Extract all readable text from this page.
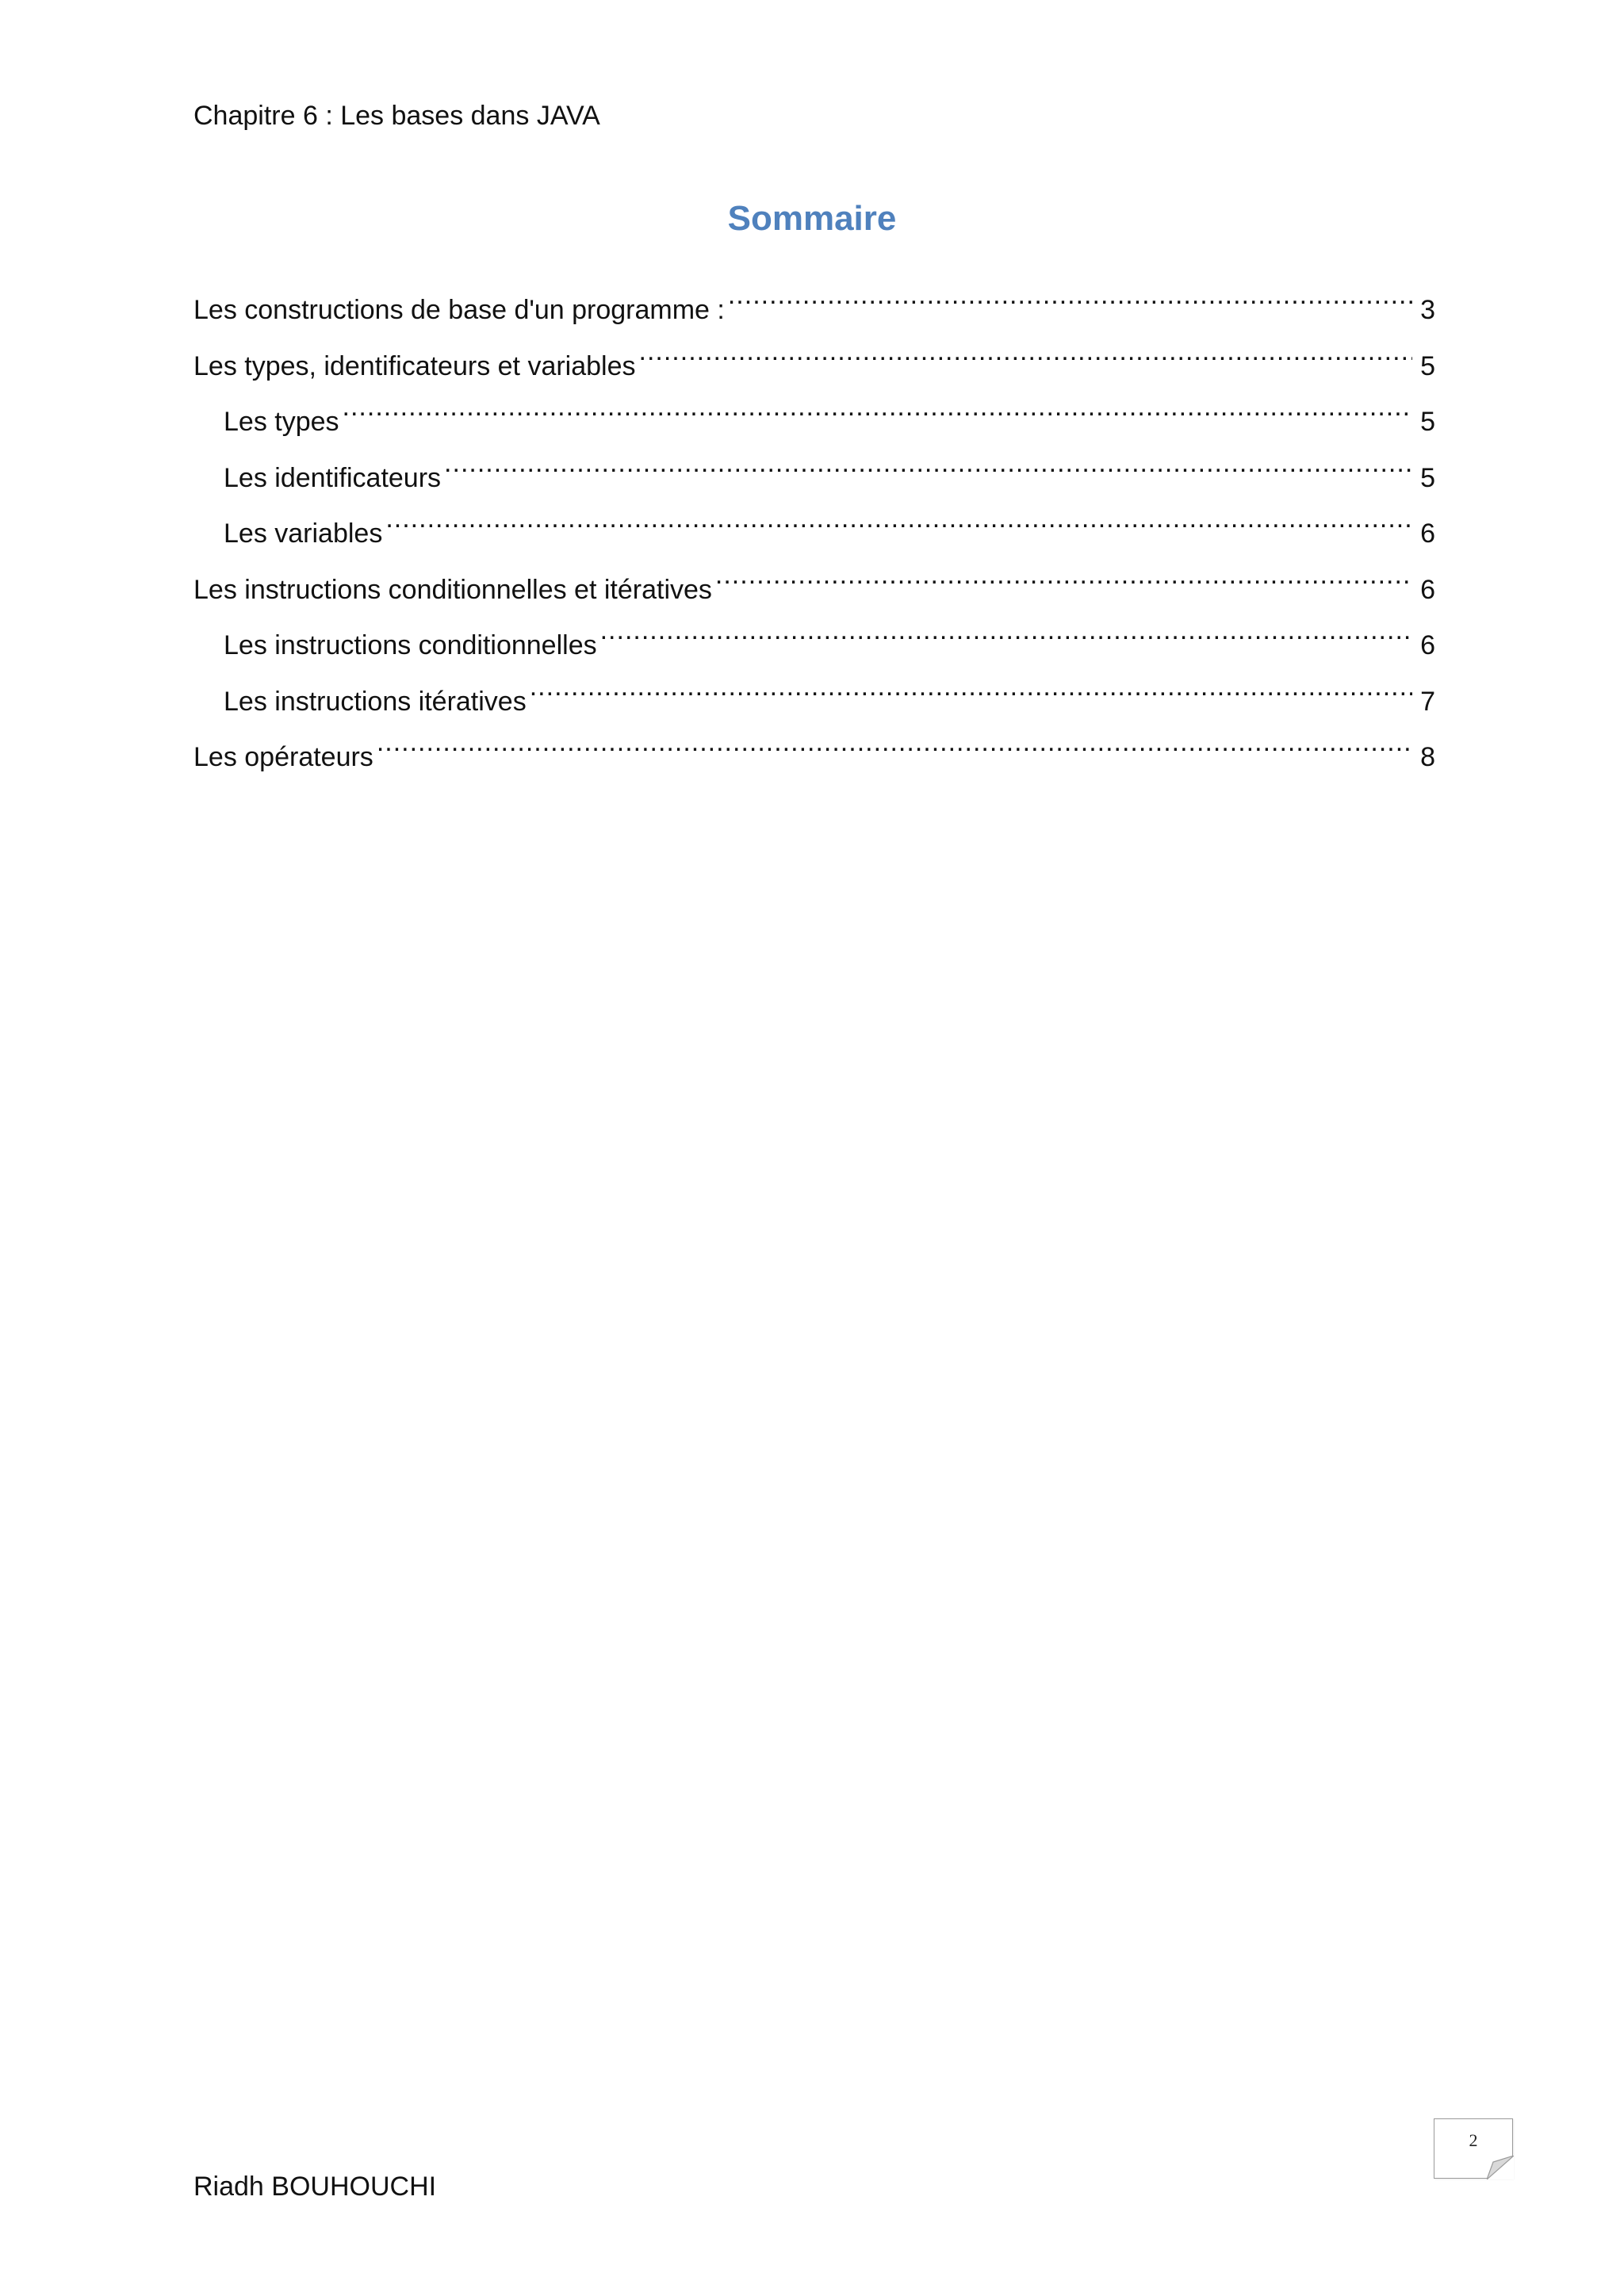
Chapitre 6 : Les bases dans JAVA
Sommaire
Les constructions de base d'un programme : .....	3
Les types, identificateurs et variables .....	5
Les types .....	5
Les identificateurs .....	5
Les variables .....	6
Les instructions conditionnelles et itératives .....	6
Les instructions conditionnelles .....	6
Les instructions itératives .....	7
Les opérateurs .....	8
2
Riadh BOUHOUCHI
